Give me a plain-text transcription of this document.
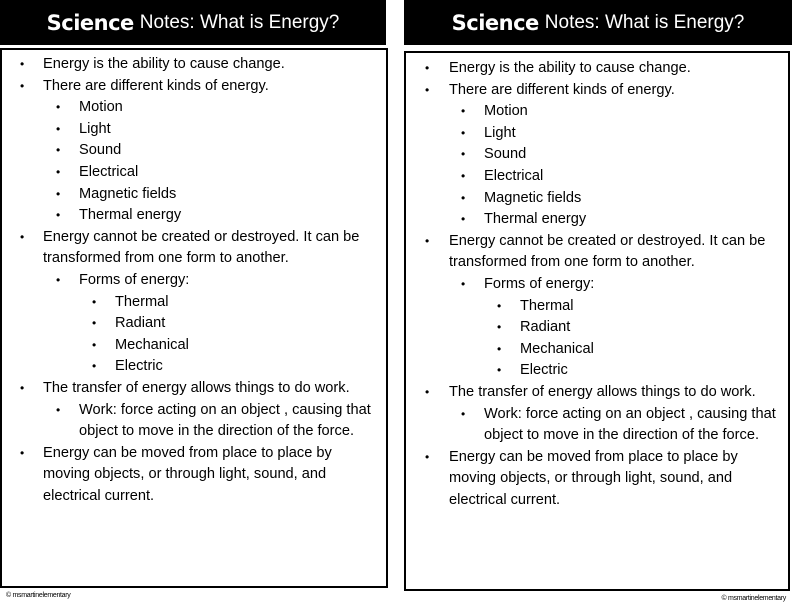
Science Notes: What is Energy?
• Energy is the ability to cause change.
• There are different kinds of energy.
• Motion
• Light
• Sound
• Electrical
• Magnetic fields
• Thermal energy
• Energy cannot be created or destroyed. It can be transformed from one form to another.
• Forms of energy:
• Thermal
• Radiant
• Mechanical
• Electric
• The transfer of energy allows things to do work.
• Work: force acting on an object , causing that object to move in the direction of the force.
• Energy can be moved from place to place by moving objects, or through light, sound, and electrical current.
Science Notes: What is Energy?
• Energy is the ability to cause change.
• There are different kinds of energy.
• Motion
• Light
• Sound
• Electrical
• Magnetic fields
• Thermal energy
• Energy cannot be created or destroyed. It can be transformed from one form to another.
• Forms of energy:
• Thermal
• Radiant
• Mechanical
• Electric
• The transfer of energy allows things to do work.
• Work: force acting on an object , causing that object to move in the direction of the force.
• Energy can be moved from place to place by moving objects, or through light, sound, and electrical current.
© msmartinelementary	© msmartinelementary
